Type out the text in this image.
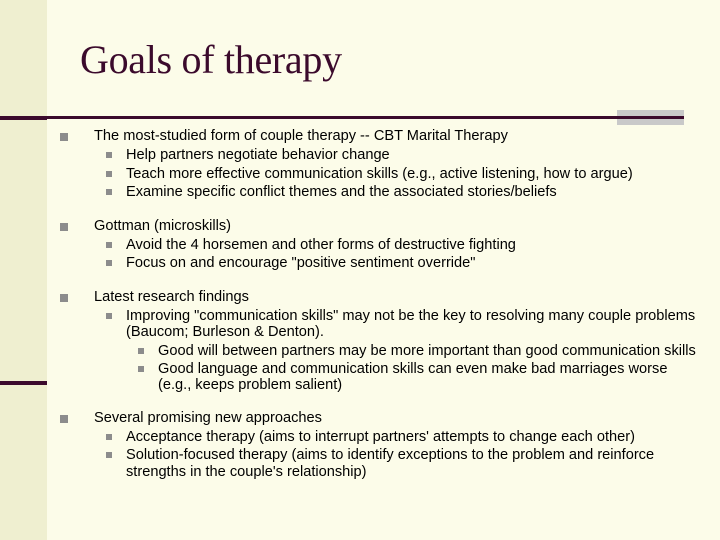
Goals of therapy
The most-studied form of couple therapy -- CBT Marital Therapy
Help partners negotiate behavior change
Teach more effective communication skills (e.g., active listening, how to argue)
Examine specific conflict themes and the associated stories/beliefs
Gottman (microskills)
Avoid the 4 horsemen and other forms of destructive fighting
Focus on and encourage "positive sentiment override"
Latest research findings
Improving "communication skills" may not be the key to resolving many couple problems (Baucom; Burleson & Denton).
Good will between partners may be more important than good communication skills
Good language and communication skills can even make bad marriages worse (e.g., keeps problem salient)
Several promising new approaches
Acceptance therapy (aims to interrupt partners' attempts to change each other)
Solution-focused therapy (aims to identify exceptions to the problem and reinforce strengths in the couple's relationship)
